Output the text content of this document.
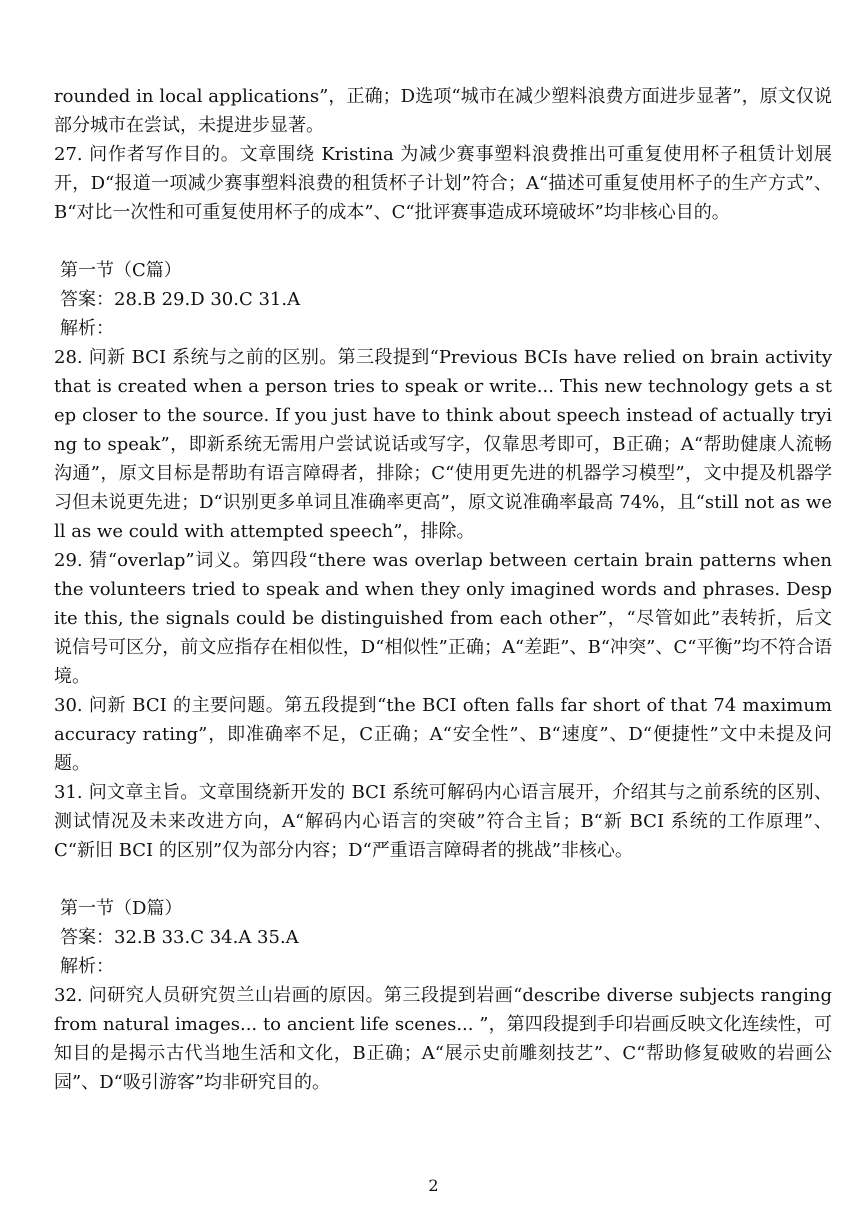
rounded in local applications”，正确；D选项“城市在减少塑料浪费方面进步显著”，原文仅说部分城市在尝试，未提进步显著。

27. 问作者写作目的。文章围绕 Kristina 为减少赛事塑料浪费推出可重复使用杯子租赁计划展开，D“报道一项减少赛事塑料浪费的租赁杯子计划”符合；A“描述可重复使用杯子的生产方式”、B“对比一次性和可重复使用杯子的成本”、C“批评赛事造成环境破坏”均非核心目的。

第一节（C篇）

答案：28.B 29.D 30.C 31.A

解析：

28. 问新 BCI 系统与之前的区别。第三段提到“Previous BCIs have relied on brain activity that is created when a person tries to speak or write... This new technology gets a step closer to the source. If you just have to think about speech instead of actually trying to speak”，即新系统无需用户尝试说话或写字，仅靠思考即可，B正确；A“帮助健康人流畅沟通”，原文目标是帮助有语言障碍者，排除；C“使用更先进的机器学习模型”，文中提及机器学习但未说更先进；D“识别更多单词且准确率更高”，原文说准确率最高 74%，且“still not as well as we could with attempted speech”，排除。

29. 猜“overlap”词义。第四段“there was overlap between certain brain patterns when the volunteers tried to speak and when they only imagined words and phrases. Despite this, the signals could be distinguished from each other”，“尽管如此”表转折，后文说信号可区分，前文应指存在相似性，D“相似性”正确；A“差距”、B“冲突”、C“平衡”均不符合语境。

30. 问新 BCI 的主要问题。第五段提到“the BCI often falls far short of that 74 maximum accuracy rating”，即准确率不足，C正确；A“安全性”、B“速度”、D“便捷性”文中未提及问题。

31. 问文章主旨。文章围绕新开发的 BCI 系统可解码内心语言展开，介绍其与之前系统的区别、测试情况及未来改进方向，A“解码内心语言的突破”符合主旨；B“新 BCI 系统的工作原理”、C“新旧 BCI 的区别”仅为部分内容；D“严重语言障碍者的挑战”非核心。

第一节（D篇）

答案：32.B 33.C 34.A 35.A

解析：

32. 问研究人员研究贺兰山岩画的原因。第三段提到岩画“describe diverse subjects ranging from natural images... to ancient life scenes... ”，第四段提到手印岩画反映文化连续性，可知目的是揭示古代当地生活和文化，B正确；A“展示史前雕刻技艺”、C“帮助修复破败的岩画公园”、D“吸引游客”均非研究目的。

2
